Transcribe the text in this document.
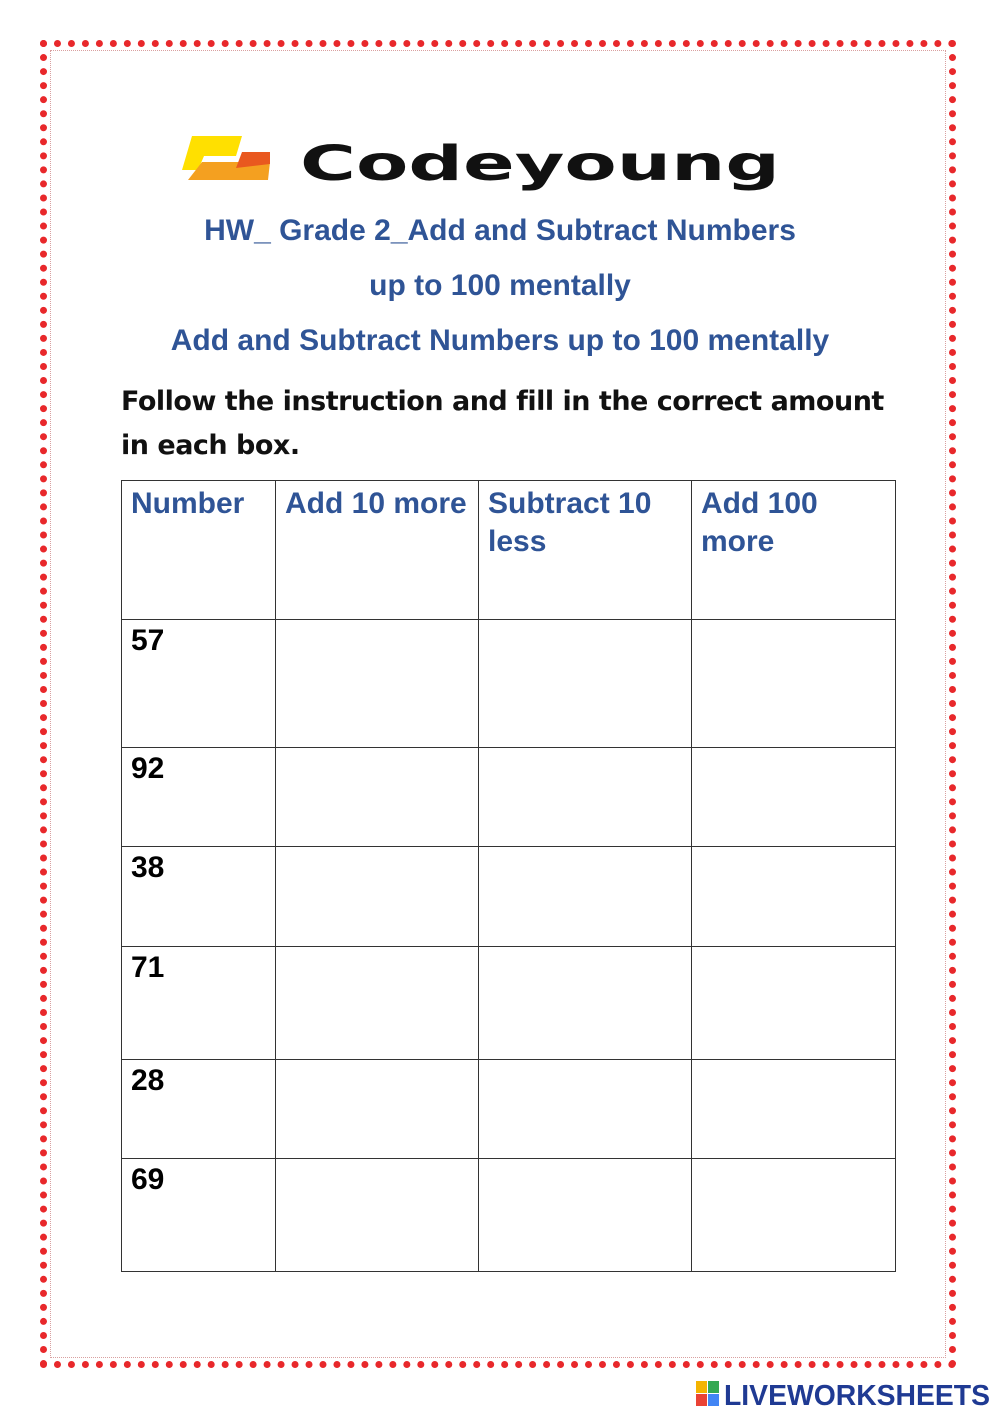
Codeyoung
HW_ Grade 2_Add and Subtract Numbers
up to 100 mentally
Add and Subtract Numbers up to 100 mentally
Follow the instruction and fill in the correct amount in each box.
Number	Add 10 more	Subtract 10 less	Add 100 more
57			
92			
38			
71			
28			
69			
LIVEWORKSHEETS
